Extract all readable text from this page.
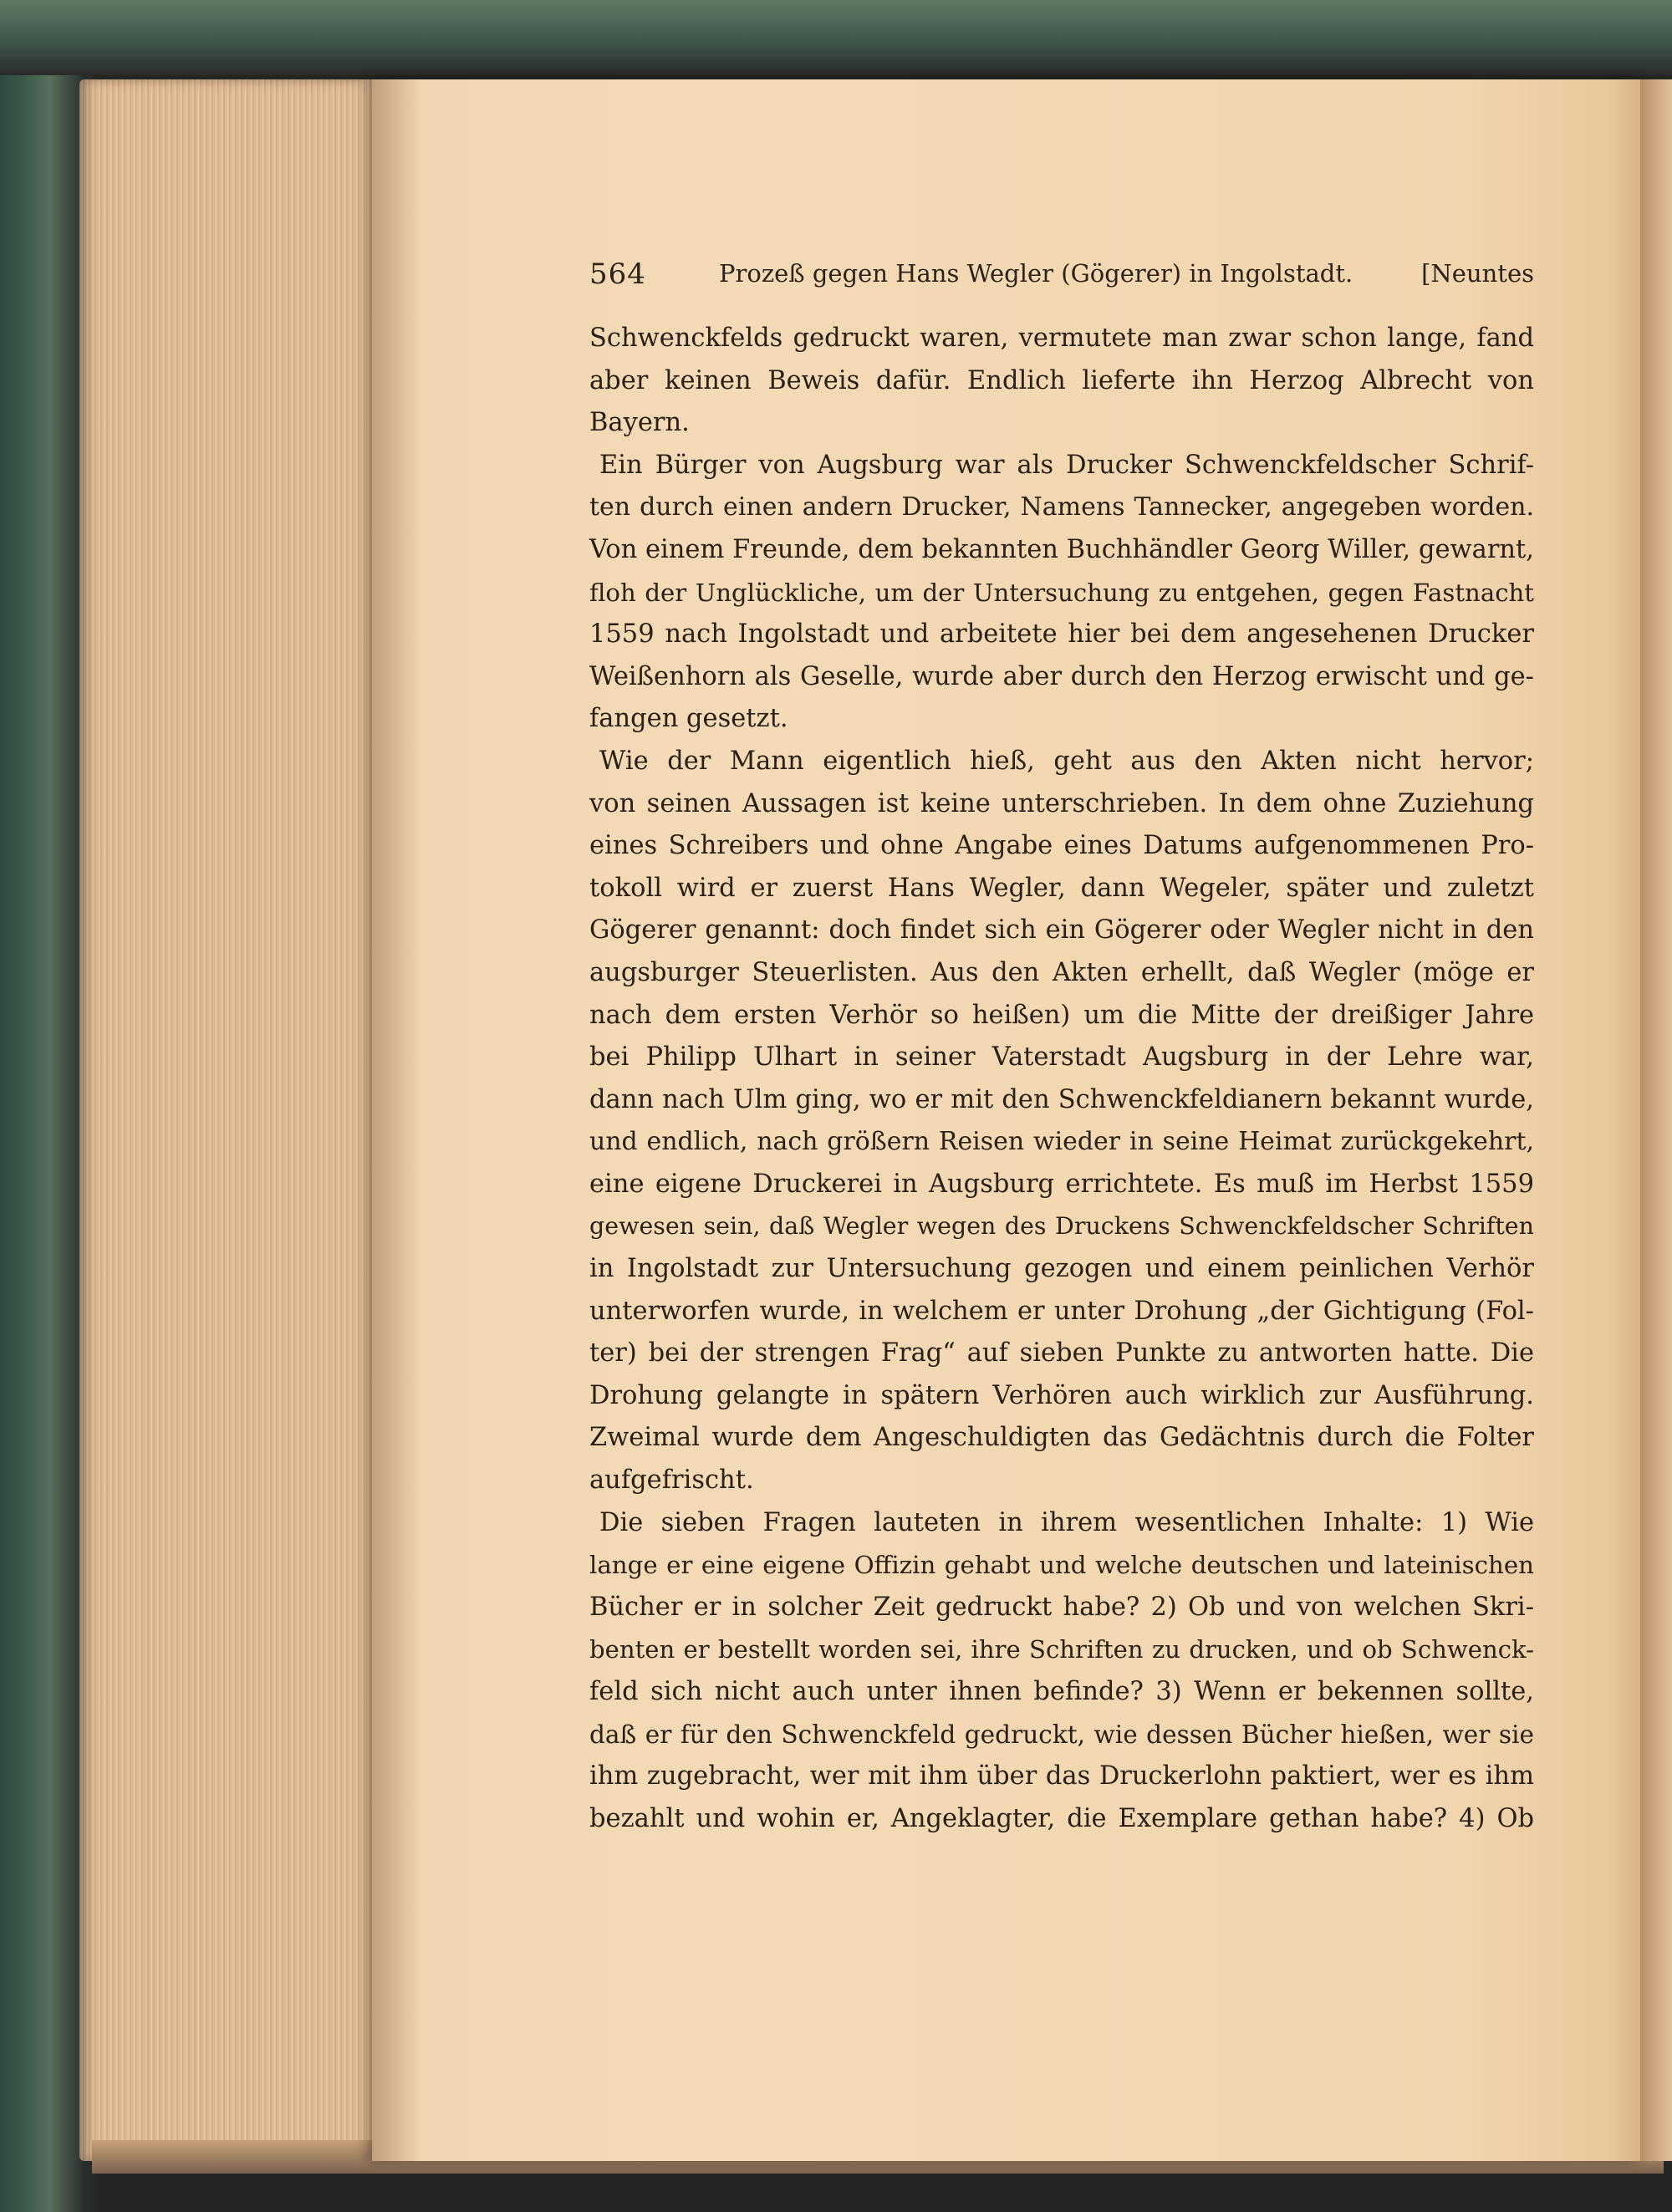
564	Prozeß gegen Hans Wegler (Gögerer) in Ingolstadt.	[Neuntes
Schwenckfelds gedruckt waren, vermutete man zwar schon lange, fand
aber keinen Beweis dafür. Endlich lieferte ihn Herzog Albrecht von
Bayern.
Ein Bürger von Augsburg war als Drucker Schwenckfeldscher Schrif-
ten durch einen andern Drucker, Namens Tannecker, angegeben worden.
Von einem Freunde, dem bekannten Buchhändler Georg Willer, gewarnt,
floh der Unglückliche, um der Untersuchung zu entgehen, gegen Fastnacht
1559 nach Ingolstadt und arbeitete hier bei dem angesehenen Drucker
Weißenhorn als Geselle, wurde aber durch den Herzog erwischt und ge-
fangen gesetzt.
Wie der Mann eigentlich hieß, geht aus den Akten nicht hervor;
von seinen Aussagen ist keine unterschrieben. In dem ohne Zuziehung
eines Schreibers und ohne Angabe eines Datums aufgenommenen Pro-
tokoll wird er zuerst Hans Wegler, dann Wegeler, später und zuletzt
Gögerer genannt: doch findet sich ein Gögerer oder Wegler nicht in den
augsburger Steuerlisten. Aus den Akten erhellt, daß Wegler (möge er
nach dem ersten Verhör so heißen) um die Mitte der dreißiger Jahre
bei Philipp Ulhart in seiner Vaterstadt Augsburg in der Lehre war,
dann nach Ulm ging, wo er mit den Schwenckfeldianern bekannt wurde,
und endlich, nach größern Reisen wieder in seine Heimat zurückgekehrt,
eine eigene Druckerei in Augsburg errichtete. Es muß im Herbst 1559
gewesen sein, daß Wegler wegen des Druckens Schwenckfeldscher Schriften
in Ingolstadt zur Untersuchung gezogen und einem peinlichen Verhör
unterworfen wurde, in welchem er unter Drohung „der Gichtigung (Fol-
ter) bei der strengen Frag“ auf sieben Punkte zu antworten hatte. Die
Drohung gelangte in spätern Verhören auch wirklich zur Ausführung.
Zweimal wurde dem Angeschuldigten das Gedächtnis durch die Folter
aufgefrischt.
Die sieben Fragen lauteten in ihrem wesentlichen Inhalte: 1) Wie
lange er eine eigene Offizin gehabt und welche deutschen und lateinischen
Bücher er in solcher Zeit gedruckt habe? 2) Ob und von welchen Skri-
benten er bestellt worden sei, ihre Schriften zu drucken, und ob Schwenck-
feld sich nicht auch unter ihnen befinde? 3) Wenn er bekennen sollte,
daß er für den Schwenckfeld gedruckt, wie dessen Bücher hießen, wer sie
ihm zugebracht, wer mit ihm über das Druckerlohn paktiert, wer es ihm
bezahlt und wohin er, Angeklagter, die Exemplare gethan habe? 4) Ob
